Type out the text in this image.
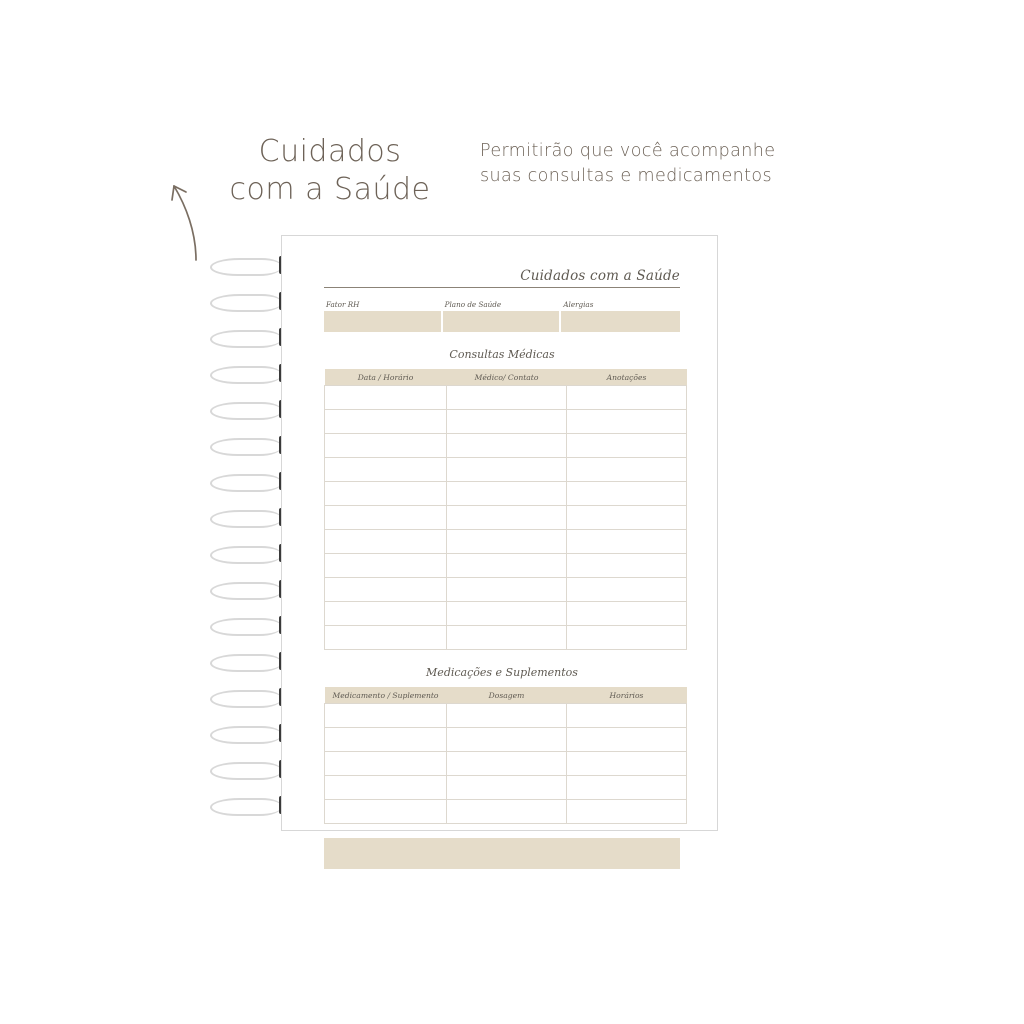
Cuidados
com a Saúde
Permitirão que você acompanhe
suas consultas e medicamentos
Cuidados com a Saúde
Fator RH	Plano de Saúde	Alergias
Consultas Médicas
Data / Horário	Médico/ Contato	Anotações

Medicações e Suplementos
Medicamento / Suplemento	Dosagem	Horários
